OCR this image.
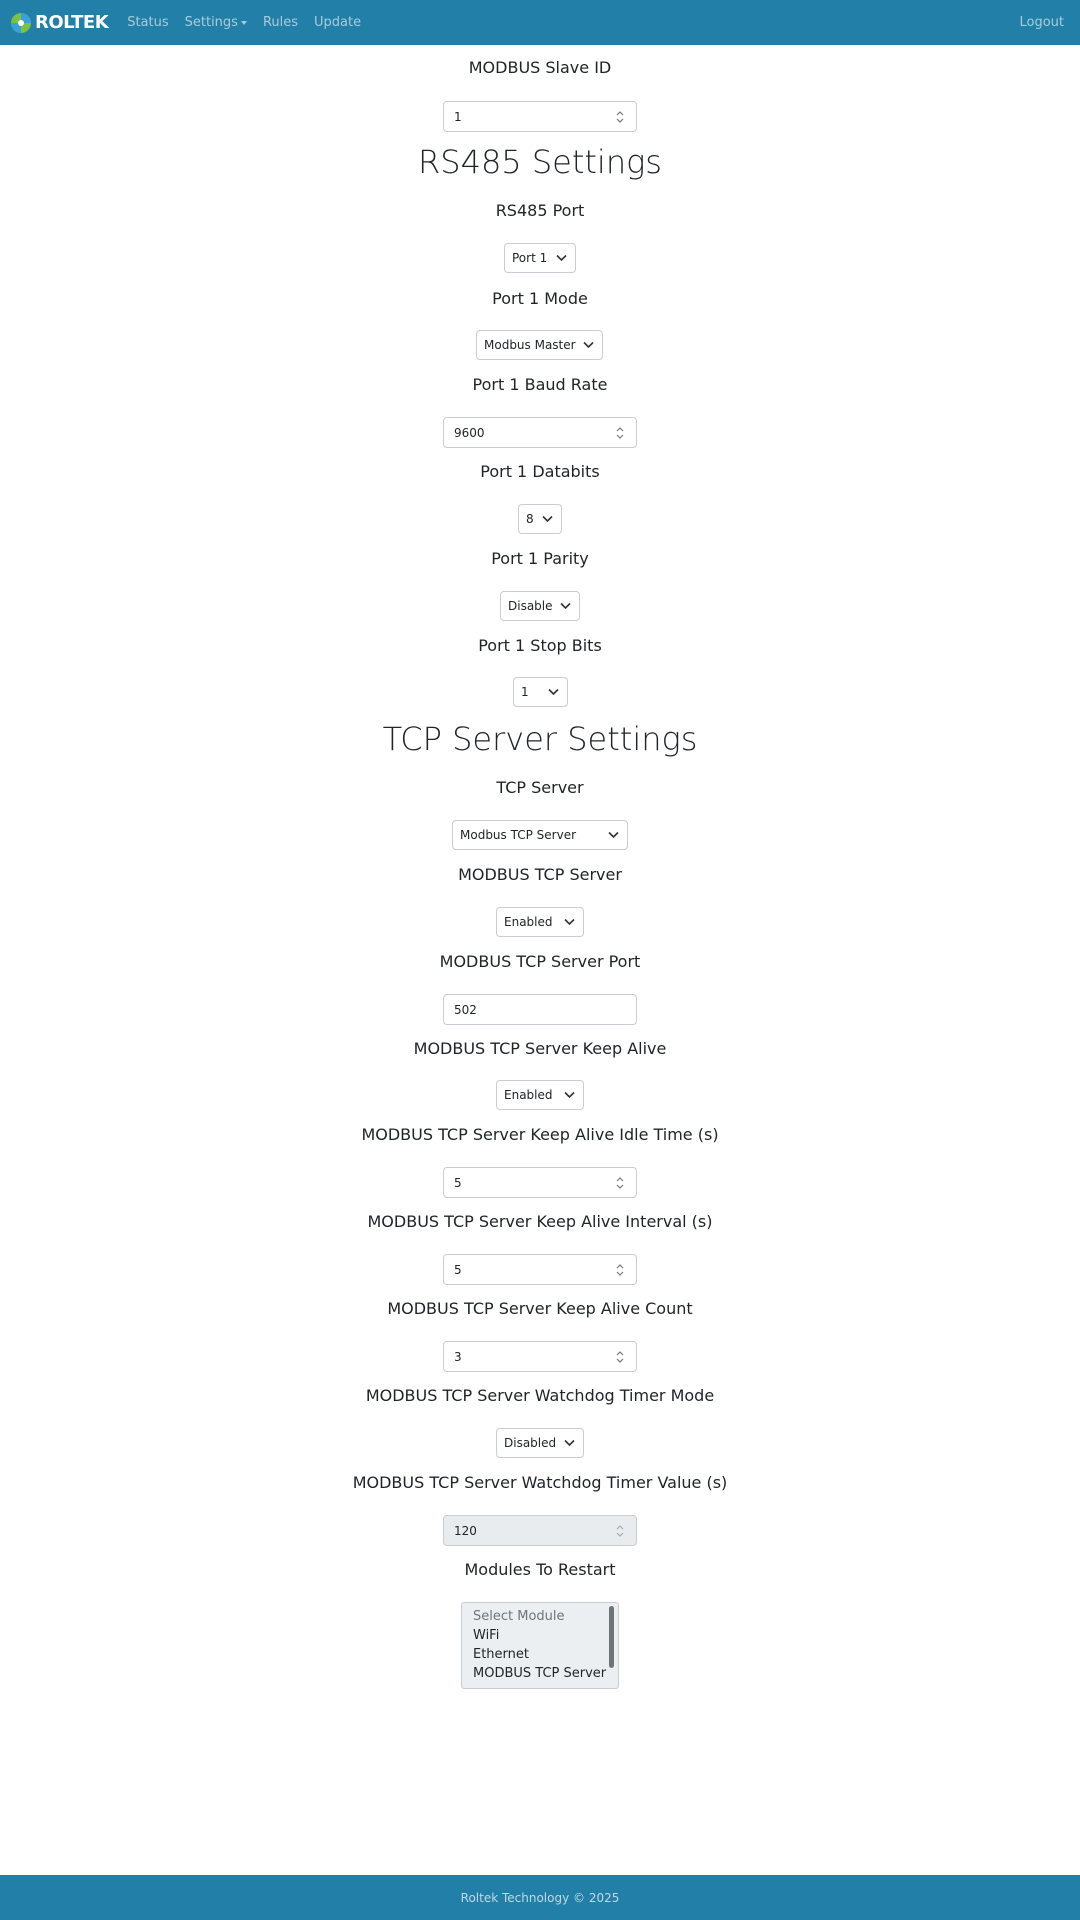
ROLTEK Status Settings Rules Update	Logout
MODBUS Slave ID
1
RS485 Settings
RS485 Port
Port 1
Port 1 Mode
Modbus Master
Port 1 Baud Rate
9600
Port 1 Databits
8
Port 1 Parity
Disable
Port 1 Stop Bits
1
TCP Server Settings
TCP Server
Modbus TCP Server
MODBUS TCP Server
Enabled
MODBUS TCP Server Port
502
MODBUS TCP Server Keep Alive
Enabled
MODBUS TCP Server Keep Alive Idle Time (s)
5
MODBUS TCP Server Keep Alive Interval (s)
5
MODBUS TCP Server Keep Alive Count
3
MODBUS TCP Server Watchdog Timer Mode
Disabled
MODBUS TCP Server Watchdog Timer Value (s)
120
Modules To Restart
Select Module
WiFi
Ethernet
MODBUS TCP Server
Roltek Technology © 2025
